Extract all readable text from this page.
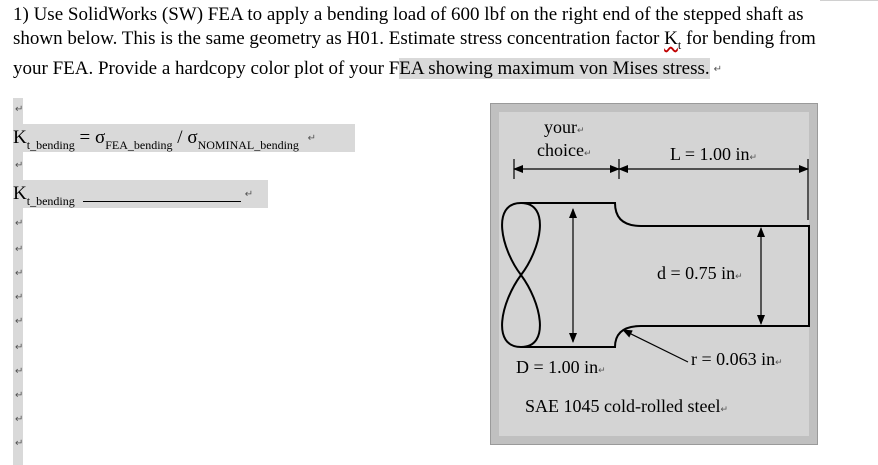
1) Use SolidWorks (SW) FEA to apply a bending load of 600 lbf on the right end of the stepped shaft as shown below. This is the same geometry as H01. Estimate stress concentration factor $K_t$ for bending from your FEA. Provide a hardcopy color plot of your FEA showing maximum von Mises stress. ↵
↵
↵
↵
↵
↵
↵
↵
↵
↵
↵
↵
↵
$K_{t\_bending} = \sigma_{FEA\_bending} / \sigma_{NOMINAL\_bending}$ ↵
$K_{t\_bending}$	↵
your↵
choice↵	L = 1.00 in↵
d = 0.75 in↵
r = 0.063 in↵
D = 1.00 in↵
SAE 1045 cold-rolled steel↵
